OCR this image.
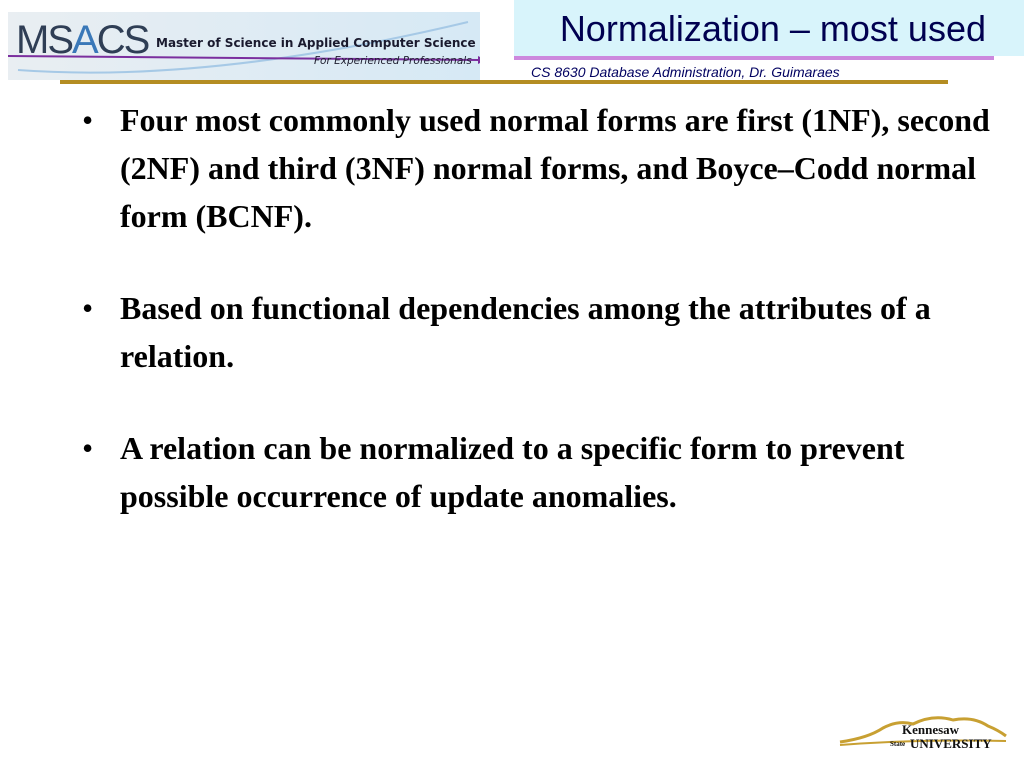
MSACS Master of Science in Applied Computer Science
For Experienced Professionals
Normalization – most used
CS 8630 Database Administration, Dr. Guimaraes
• Four most commonly used normal forms are first (1NF), second (2NF) and third (3NF) normal forms, and Boyce–Codd normal form (BCNF).
• Based on functional dependencies among the attributes of a relation.
• A relation can be normalized to a specific form to prevent possible occurrence of update anomalies.
Kennesaw
State UNIVERSITY
